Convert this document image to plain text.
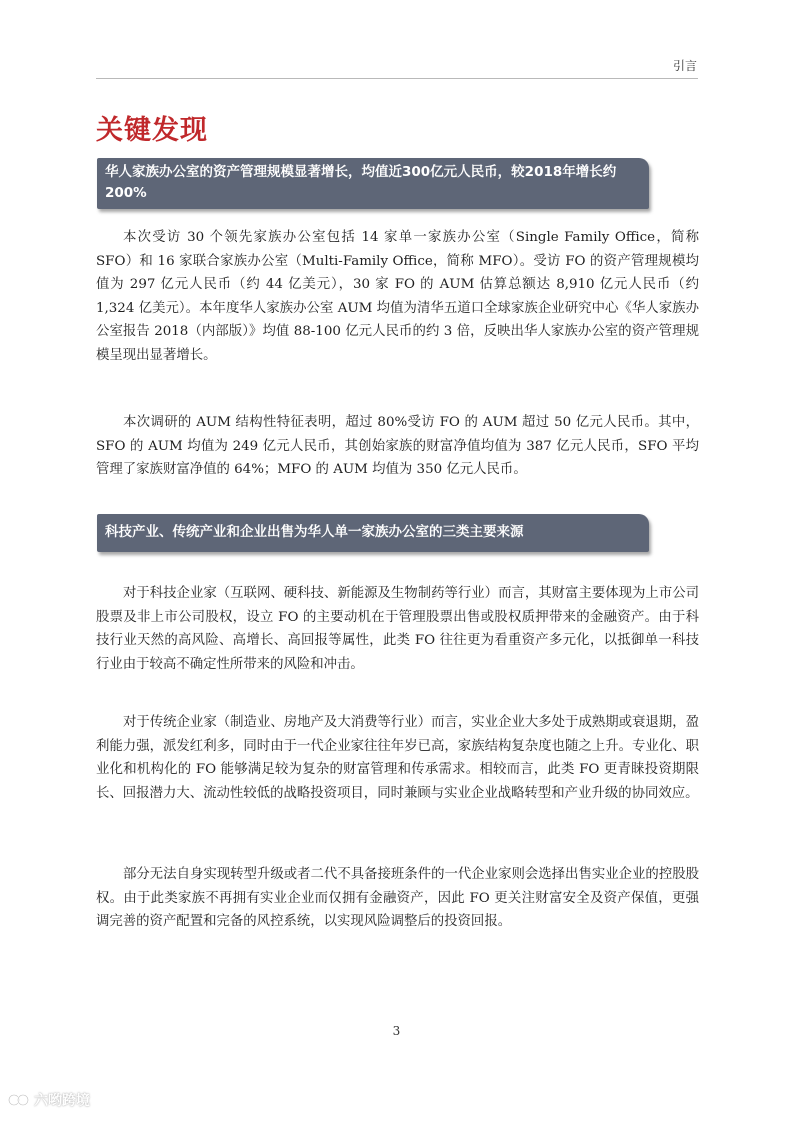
引言
关键发现
华人家族办公室的资产管理规模显著增长，均值近300亿元人民币，较2018年增长约200%

本次受访 30 个领先家族办公室包括 14 家单一家族办公室（Single Family Office，简称 SFO）和 16 家联合家族办公室（Multi-Family Office，简称 MFO）。受访 FO 的资产管理规模均值为 297 亿元人民币（约 44 亿美元），30 家 FO 的 AUM 估算总额达 8,910 亿元人民币（约 1,324 亿美元）。本年度华人家族办公室 AUM 均值为清华五道口全球家族企业研究中心《华人家族办公室报告 2018（内部版）》均值 88-100 亿元人民币的约 3 倍，反映出华人家族办公室的资产管理规模呈现出显著增长。

本次调研的 AUM 结构性特征表明，超过 80%受访 FO 的 AUM 超过 50 亿元人民币。其中，SFO 的 AUM 均值为 249 亿元人民币，其创始家族的财富净值均值为 387 亿元人民币，SFO 平均管理了家族财富净值的 64%；MFO 的 AUM 均值为 350 亿元人民币。

科技产业、传统产业和企业出售为华人单一家族办公室的三类主要来源

对于科技企业家（互联网、硬科技、新能源及生物制药等行业）而言，其财富主要体现为上市公司股票及非上市公司股权，设立 FO 的主要动机在于管理股票出售或股权质押带来的金融资产。由于科技行业天然的高风险、高增长、高回报等属性，此类 FO 往往更为看重资产多元化，以抵御单一科技行业由于较高不确定性所带来的风险和冲击。

对于传统企业家（制造业、房地产及大消费等行业）而言，实业企业大多处于成熟期或衰退期，盈利能力强，派发红利多，同时由于一代企业家往往年岁已高，家族结构复杂度也随之上升。专业化、职业化和机构化的 FO 能够满足较为复杂的财富管理和传承需求。相较而言，此类 FO 更青睐投资期限长、回报潜力大、流动性较低的战略投资项目，同时兼顾与实业企业战略转型和产业升级的协同效应。

部分无法自身实现转型升级或者二代不具备接班条件的一代企业家则会选择出售实业企业的控股股权。由于此类家族不再拥有实业企业而仅拥有金融资产，因此 FO 更关注财富安全及资产保值，更强调完善的资产配置和完备的风控系统，以实现风险调整后的投资回报。

3
六哟跨境
